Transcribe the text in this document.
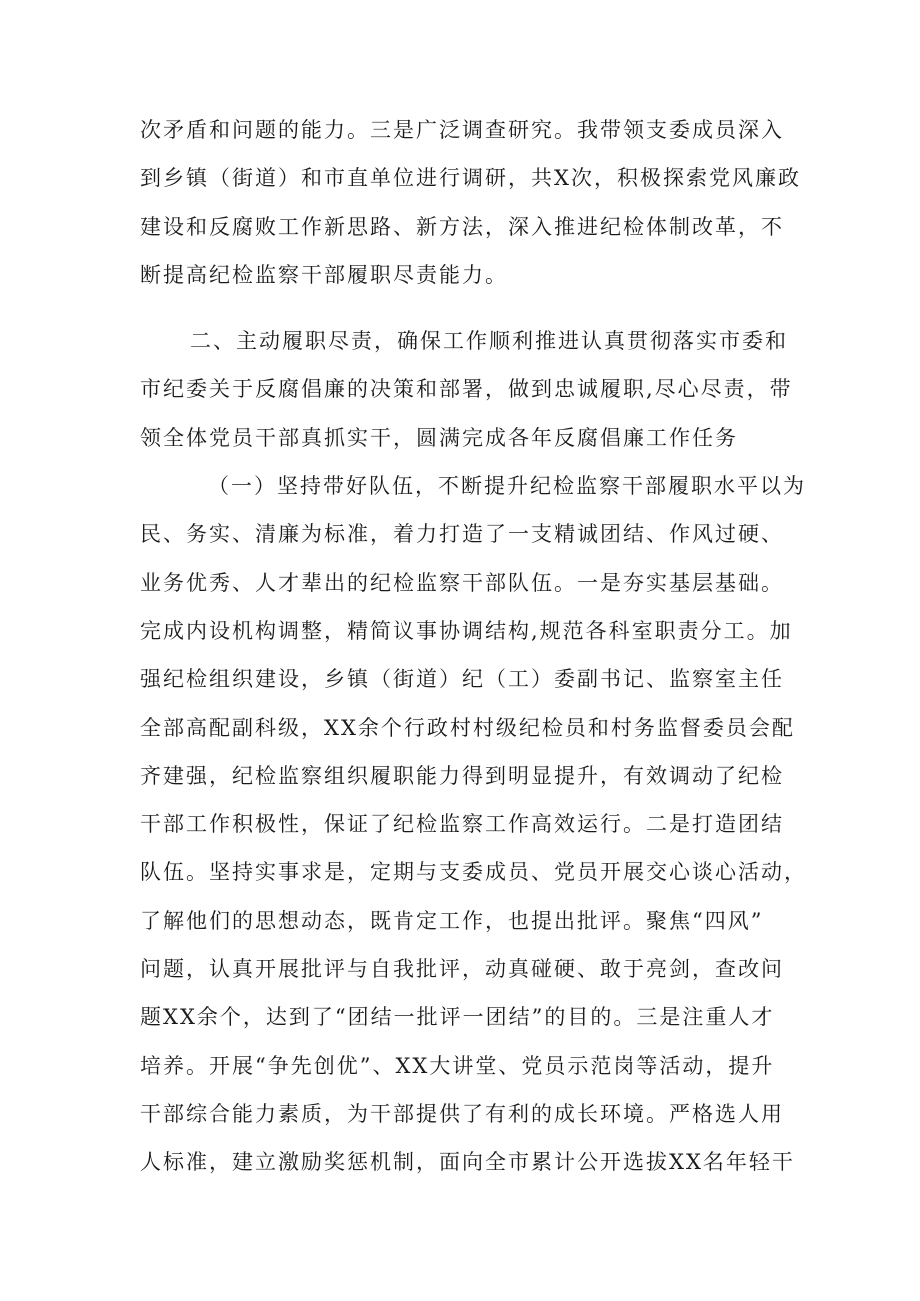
次矛盾和问题的能力。三是广泛调查研究。我带领支委成员深入
到乡镇（街道）和市直单位进行调研，共X次，积极探索党风廉政
建设和反腐败工作新思路、新方法，深入推进纪检体制改革，不
断提高纪检监察干部履职尽责能力。
二、主动履职尽责，确保工作顺利推进认真贯彻落实市委和
市纪委关于反腐倡廉的决策和部署，做到忠诚履职,尽心尽责，带
领全体党员干部真抓实干，圆满完成各年反腐倡廉工作任务
（一）坚持带好队伍，不断提升纪检监察干部履职水平以为
民、务实、清廉为标准，着力打造了一支精诚团结、作风过硬、
业务优秀、人才辈出的纪检监察干部队伍。一是夯实基层基础。
完成内设机构调整，精简议事协调结构,规范各科室职责分工。加
强纪检组织建设，乡镇（街道）纪（工）委副书记、监察室主任
全部高配副科级，XX余个行政村村级纪检员和村务监督委员会配
齐建强，纪检监察组织履职能力得到明显提升，有效调动了纪检
干部工作积极性，保证了纪检监察工作高效运行。二是打造团结
队伍。坚持实事求是，定期与支委成员、党员开展交心谈心活动，
了解他们的思想动态，既肯定工作，也提出批评。聚焦“四风”
问题，认真开展批评与自我批评，动真碰硬、敢于亮剑，查改问
题XX余个，达到了“团结一批评一团结”的目的。三是注重人才
培养。开展“争先创优”、XX大讲堂、党员示范岗等活动，提升
干部综合能力素质，为干部提供了有利的成长环境。严格选人用
人标准，建立激励奖惩机制，面向全市累计公开选拔XX名年轻干
